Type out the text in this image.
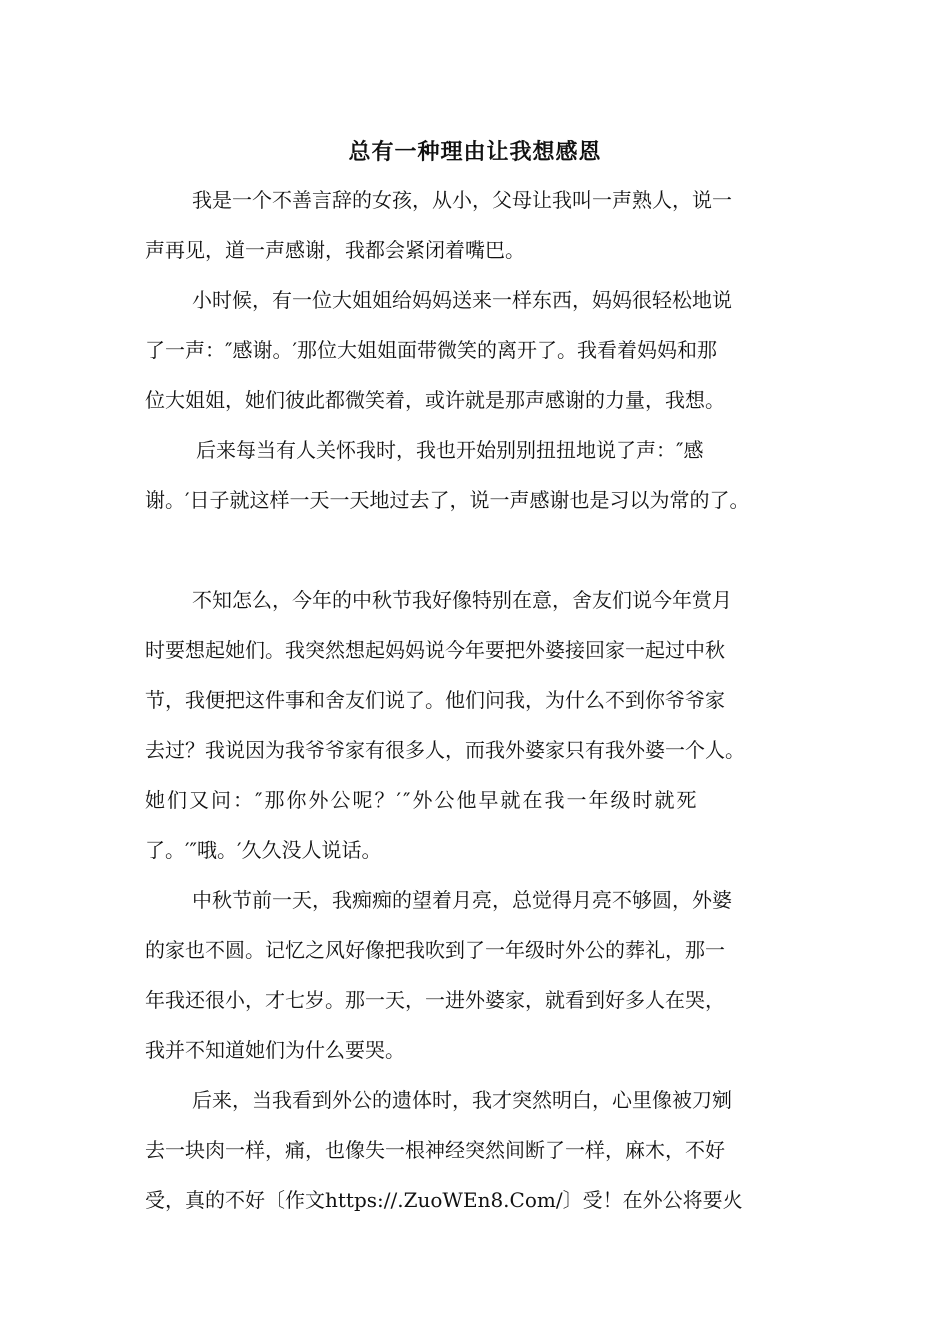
总有一种理由让我想感恩
我是一个不善言辞的女孩，从小，父母让我叫一声熟人，说一
声再见，道一声感谢，我都会紧闭着嘴巴。
小时候，有一位大姐姐给妈妈送来一样东西，妈妈很轻松地说
了一声：″感谢。′那位大姐姐面带微笑的离开了。我看着妈妈和那
位大姐姐，她们彼此都微笑着，或许就是那声感谢的力量，我想。
后来每当有人关怀我时，我也开始别别扭扭地说了声：″感
谢。′日子就这样一天一天地过去了，说一声感谢也是习以为常的了。
不知怎么，今年的中秋节我好像特别在意，舍友们说今年赏月
时要想起她们。我突然想起妈妈说今年要把外婆接回家一起过中秋
节，我便把这件事和舍友们说了。他们问我，为什么不到你爷爷家
去过？我说因为我爷爷家有很多人，而我外婆家只有我外婆一个人。
她们又问：″那你外公呢？′″外公他早就在我一年级时就死
了。′″哦。′久久没人说话。
中秋节前一天，我痴痴的望着月亮，总觉得月亮不够圆，外婆
的家也不圆。记忆之风好像把我吹到了一年级时外公的葬礼，那一
年我还很小，才七岁。那一天，一进外婆家，就看到好多人在哭，
我并不知道她们为什么要哭。
后来，当我看到外公的遗体时，我才突然明白，心里像被刀剜
去一块肉一样，痛，也像失一根神经突然间断了一样，麻木，不好
受，真的不好〔作文https://.ZuoWEn8.Com/〕受！在外公将要火
